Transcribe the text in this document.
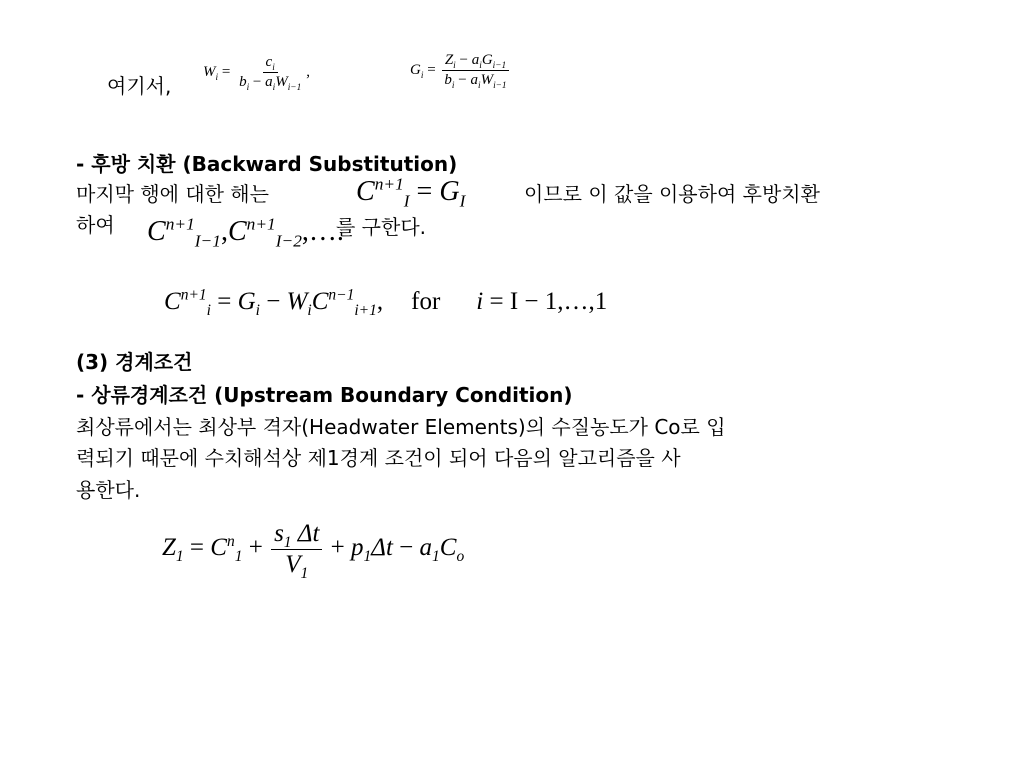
여기서,
$W_i = \frac{c_i}{b_i - a_iW_{i-1}}$ ,	$G_i = \frac{Z_i - a_iG_{i-1}}{b_i - a_iW_{i-1}}$
- 후방 치환 (Backward Substitution)
마지막 행에 대한 해는	$C^{n+1}_I = G_I$	이므로 이 값을 이용하여 후방치환
하여 $C^{n+1}_{I-1},C^{n+1}_{I-2},\dots$.
를 구한다.
$C^{n+1}_i = G_i - W_iC^{n-1}_{i+1}$, for i = I − 1,…,1
(3) 경계조건
- 상류경계조건 (Upstream Boundary Condition)
최상류에서는 최상부 격자(Headwater Elements)의 수질농도가 Co로 입
력되기 때문에 수치해석상 제1경계 조건이 되어 다음의 알고리즘을 사
용한다.
$Z_1 = C^n_1 + \frac{s_1 \Delta t}{V_1} + p_1\Delta t - a_1C_o$
